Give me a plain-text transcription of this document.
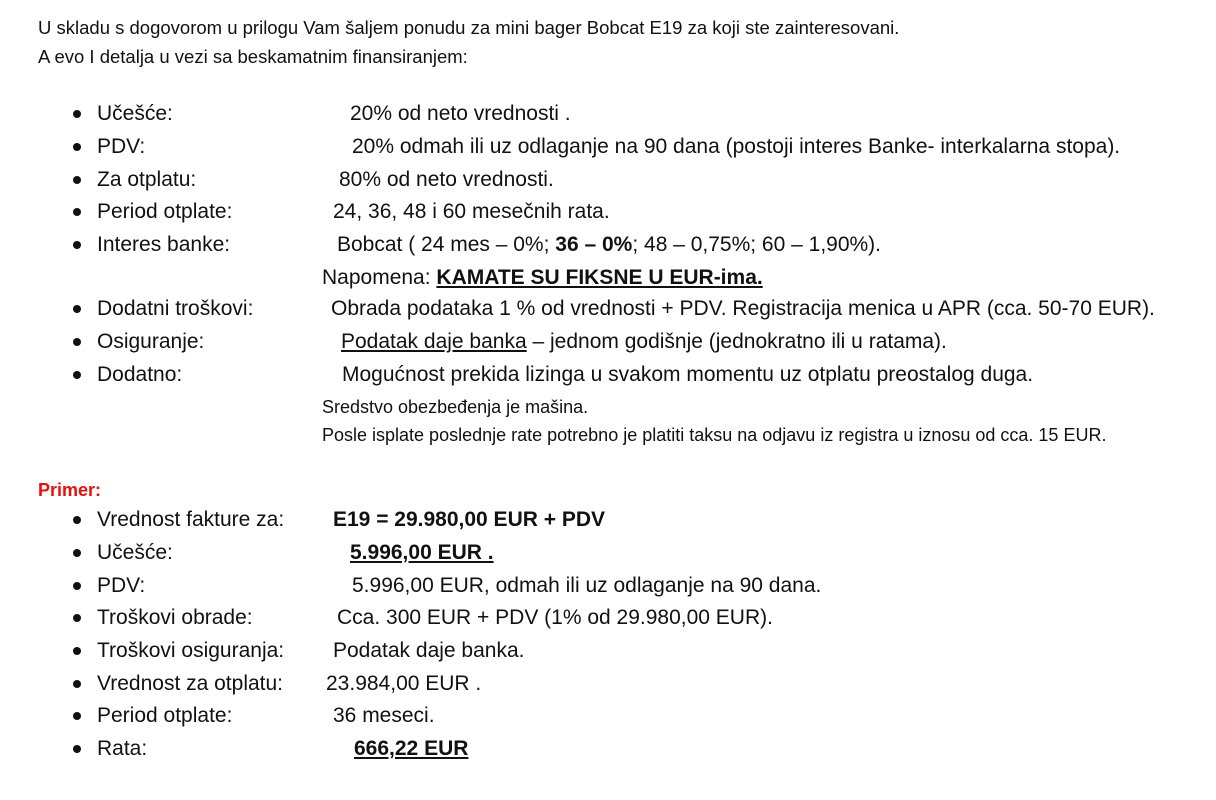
U skladu s dogovorom u prilogu Vam šaljem ponudu za mini bager Bobcat E19 za koji ste zainteresovani.
A evo I detalja u vezi sa beskamatnim finansiranjem:
Učešće:	20% od neto vrednosti .
PDV:	20% odmah ili uz odlaganje na 90 dana (postoji interes Banke- interkalarna stopa).
Za otplatu:	80% od neto vrednosti.
Period otplate:	24, 36, 48 i 60 mesečnih rata.
Interes banke:	Bobcat ( 24 mes – 0%; 36 – 0%; 48 – 0,75%; 60 – 1,90%).
Napomena: KAMATE SU FIKSNE U EUR-ima.
Dodatni troškovi:	Obrada podataka 1 % od vrednosti + PDV. Registracija menica u APR (cca. 50-70 EUR).
Osiguranje:	Podatak daje banka – jednom godišnje (jednokratno ili u ratama).
Dodatno:	Mogućnost prekida lizinga u svakom momentu uz otplatu preostalog duga.
Sredstvo obezbeđenja je mašina.
Posle isplate poslednje rate potrebno je platiti taksu na odjavu iz registra u iznosu od cca. 15 EUR.
Primer:
Vrednost fakture za: E19 = 29.980,00 EUR + PDV
Učešće:	5.996,00 EUR .
PDV:	5.996,00 EUR, odmah ili uz odlaganje na 90 dana.
Troškovi obrade:	Cca. 300 EUR + PDV (1% od 29.980,00 EUR).
Troškovi osiguranja: Podatak daje banka.
Vrednost za otplatu: 23.984,00 EUR .
Period otplate:	36 meseci.
Rata:	666,22 EUR
